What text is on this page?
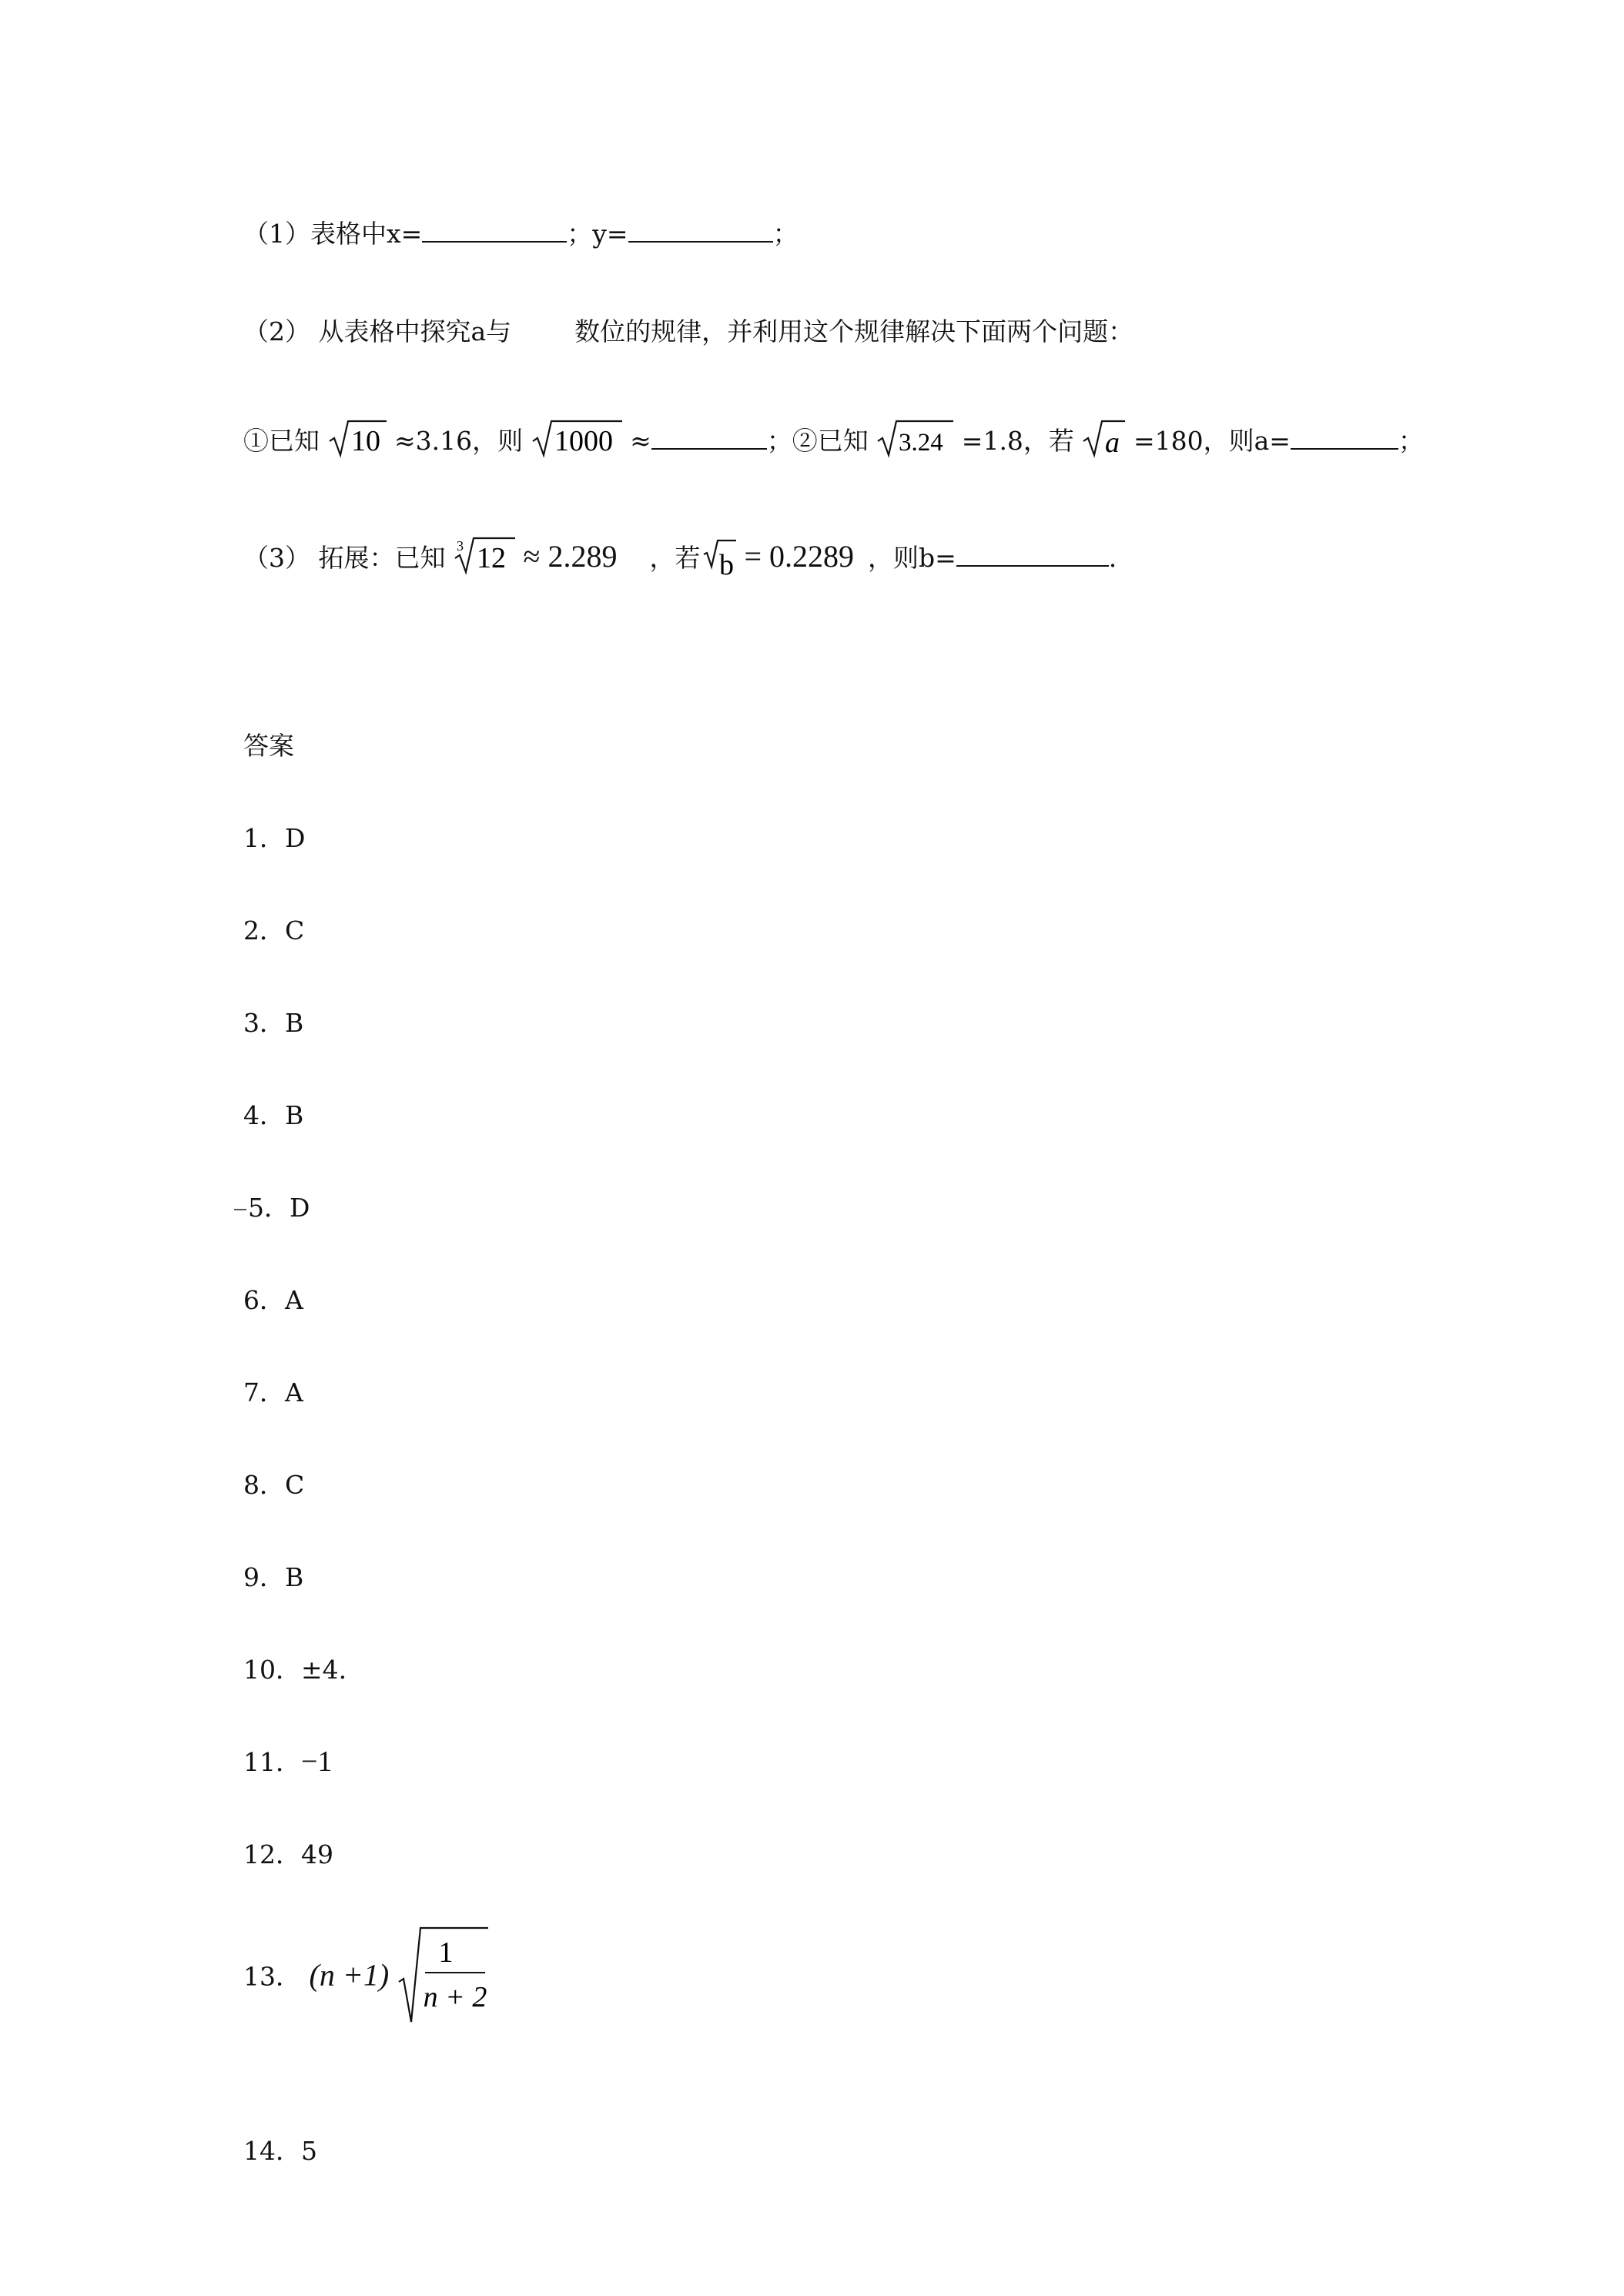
（1）表格中x=	；y=	；
（2） 从表格中探究a与 数位的规律，并利用这个规律解决下面两个问题：
①已知 10 ≈3.16，则 1000 ≈	；②已知 3.24 =1.8，若 a =180，则a=	；
（3） 拓展：已知 3 12 ≈ 2.289 ，若 b = 0.2289 ，则b=	.
答案
1．D
2．C
3．B
4．B
5．D
6．A
7．A
8．C
9．B
10．±4.
11．−1
12．49
13． (n +1)
1
n + 2
14．5
